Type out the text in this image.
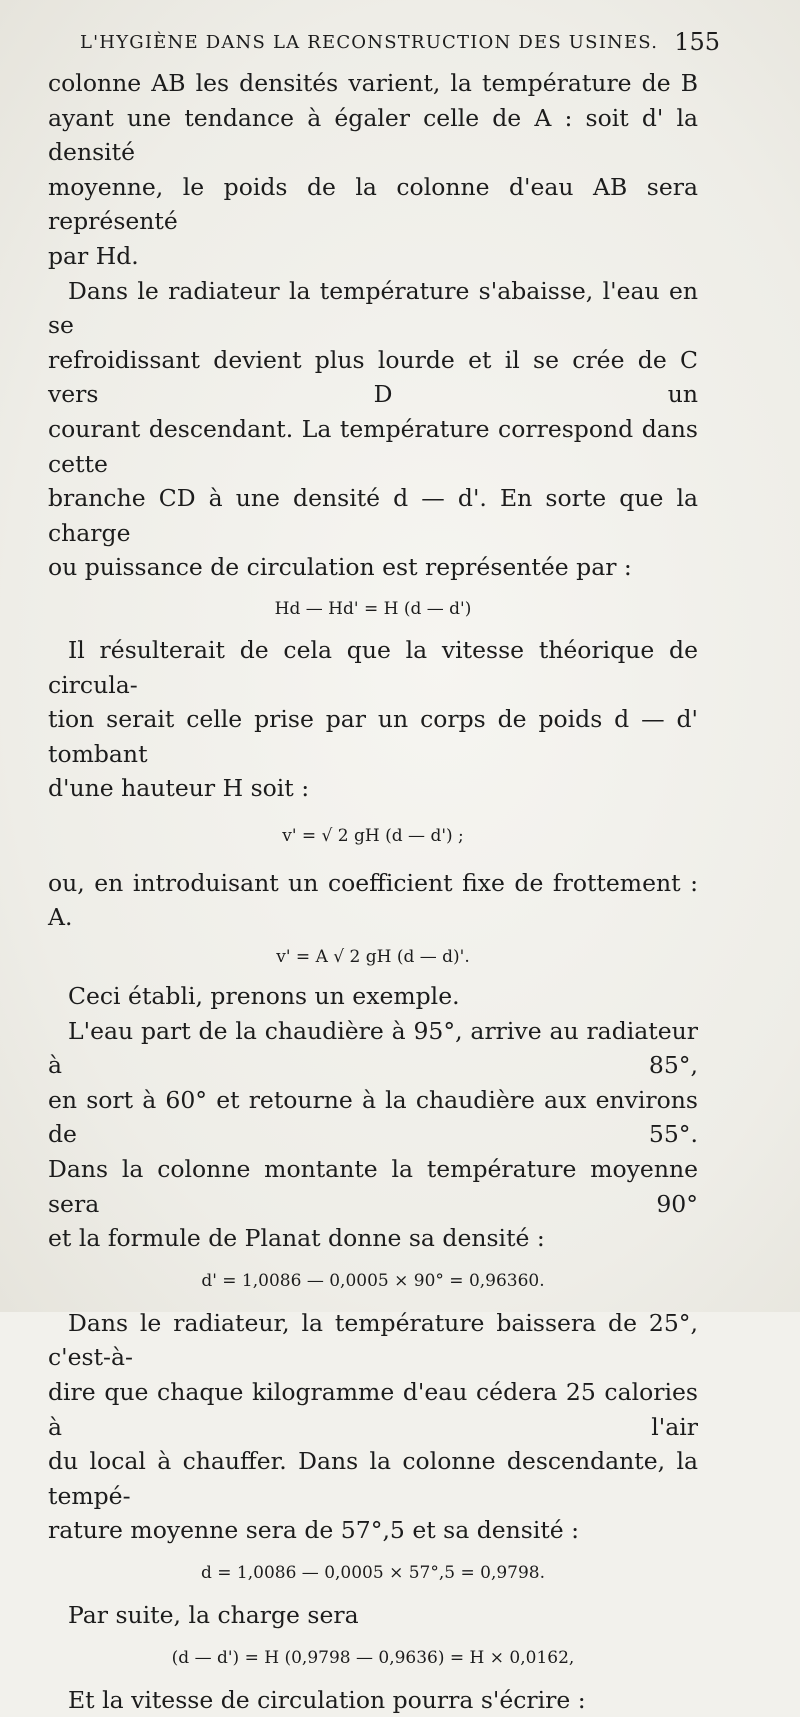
L'HYGIÈNE DANS LA RECONSTRUCTION DES USINES. 155

colonne AB les densités varient, la température de B
ayant une tendance à égaler celle de A : soit d' la densité
moyenne, le poids de la colonne d'eau AB sera représenté
par Hd.

Dans le radiateur la température s'abaisse, l'eau en se
refroidissant devient plus lourde et il se crée de C vers D un
courant descendant. La température correspond dans cette
branche CD à une densité d — d'. En sorte que la charge
ou puissance de circulation est représentée par :

Hd — Hd' = H (d — d')

Il résulterait de cela que la vitesse théorique de circula-
tion serait celle prise par un corps de poids d — d' tombant
d'une hauteur H soit :

v' = √ 2 gH (d — d') ;

ou, en introduisant un coefficient fixe de frottement : A.

v' = A √ 2 gH (d — d)'.

Ceci établi, prenons un exemple.

L'eau part de la chaudière à 95°, arrive au radiateur à 85°,
en sort à 60° et retourne à la chaudière aux environs de 55°.
Dans la colonne montante la température moyenne sera 90°
et la formule de Planat donne sa densité :

d' = 1,0086 — 0,0005 × 90° = 0,96360.

Dans le radiateur, la température baissera de 25°, c'est-à-
dire que chaque kilogramme d'eau cédera 25 calories à l'air
du local à chauffer. Dans la colonne descendante, la tempé-
rature moyenne sera de 57°,5 et sa densité :

d = 1,0086 — 0,0005 × 57°,5 = 0,9798.

Par suite, la charge sera

(d — d') = H (0,9798 — 0,9636) = H × 0,0162,

Et la vitesse de circulation pourra s'écrire :
